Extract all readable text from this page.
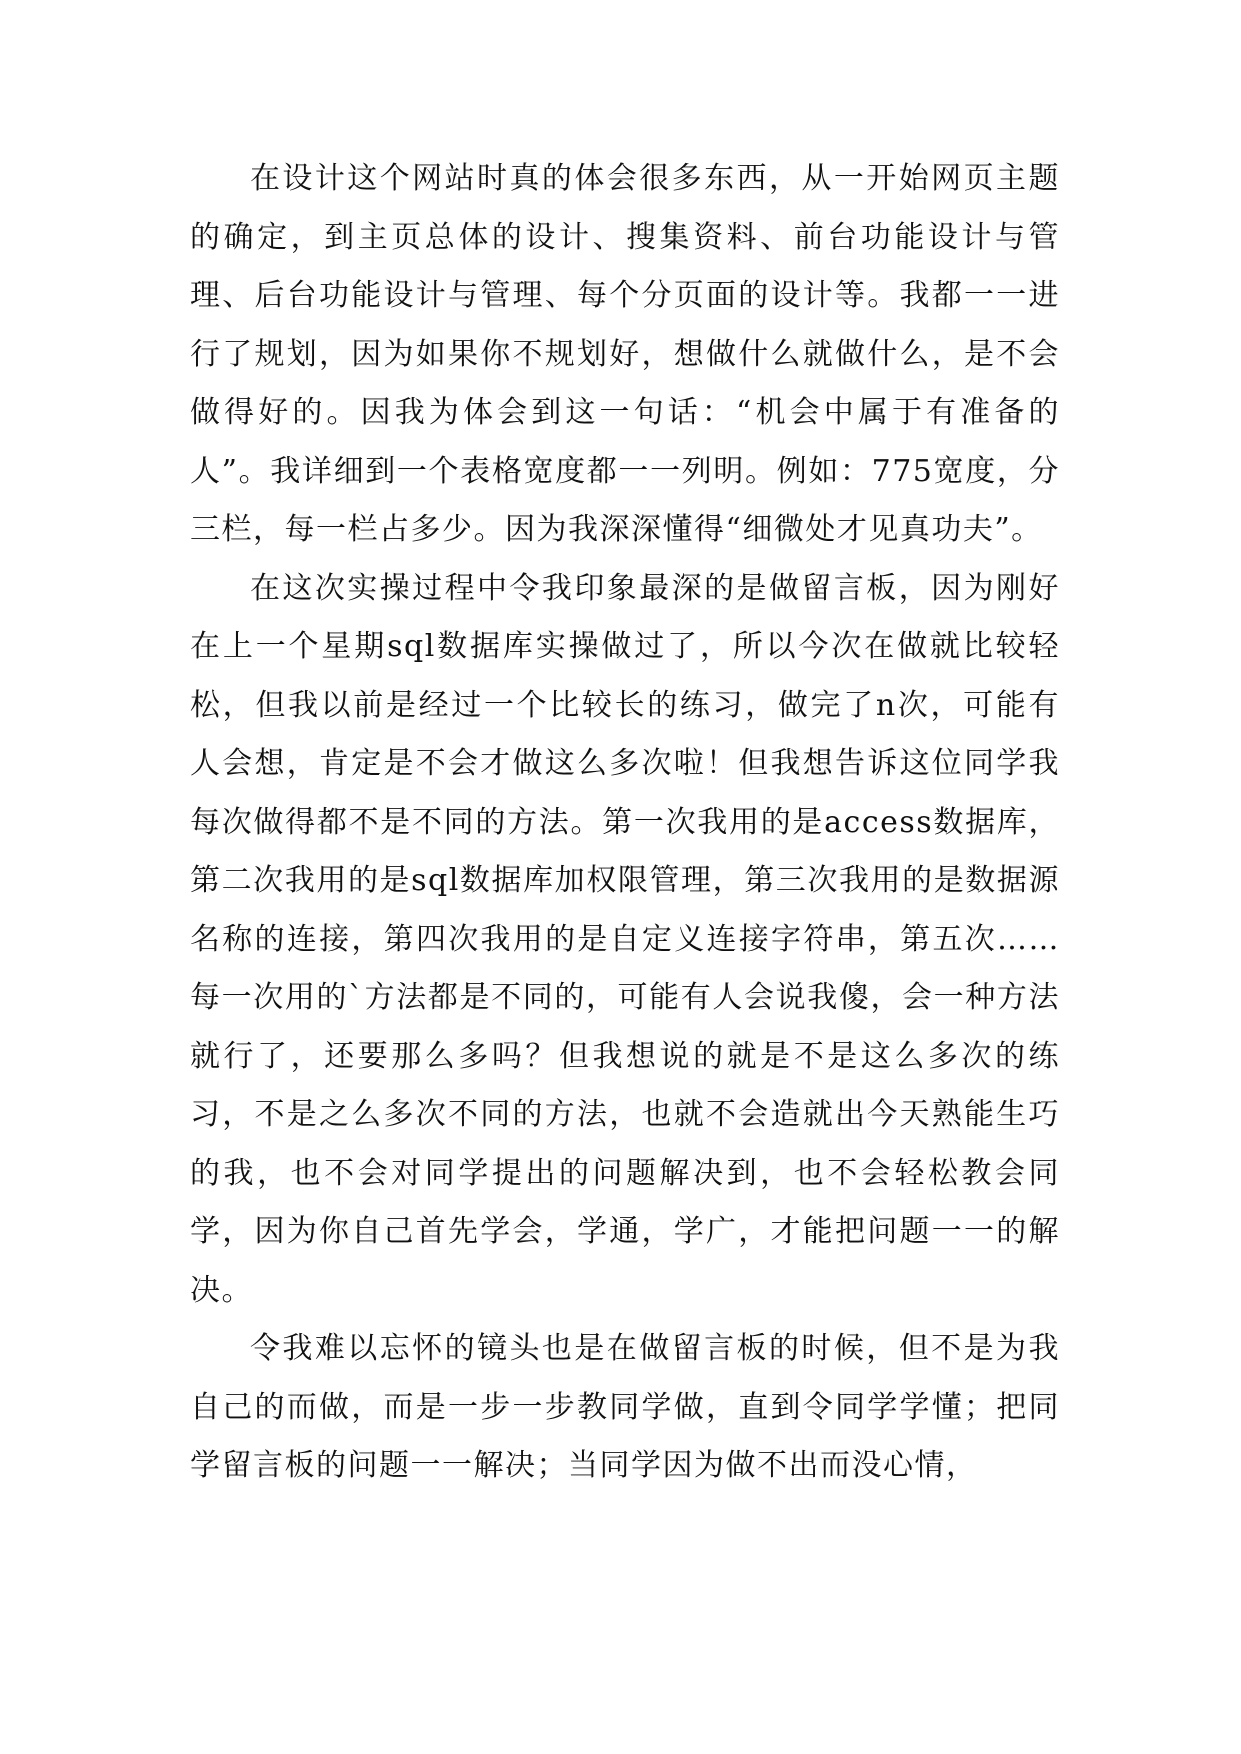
在设计这个网站时真的体会很多东西，从一开始网页主题的确定，到主页总体的设计、搜集资料、前台功能设计与管理、后台功能设计与管理、每个分页面的设计等。我都一一进行了规划，因为如果你不规划好，想做什么就做什么，是不会做得好的。因我为体会到这一句话：“机会中属于有准备的人”。我详细到一个表格宽度都一一列明。例如：775宽度，分三栏，每一栏占多少。因为我深深懂得“细微处才见真功夫”。

在这次实操过程中令我印象最深的是做留言板，因为刚好在上一个星期sql数据库实操做过了，所以今次在做就比较轻松，但我以前是经过一个比较长的练习，做完了n次，可能有人会想，肯定是不会才做这么多次啦！但我想告诉这位同学我每次做得都不是不同的方法。第一次我用的是access数据库，第二次我用的是sql数据库加权限管理，第三次我用的是数据源名称的连接，第四次我用的是自定义连接字符串，第五次……每一次用的`方法都是不同的，可能有人会说我傻，会一种方法就行了，还要那么多吗？但我想说的就是不是这么多次的练习，不是之么多次不同的方法，也就不会造就出今天熟能生巧的我，也不会对同学提出的问题解决到，也不会轻松教会同学，因为你自己首先学会，学通，学广，才能把问题一一的解决。

令我难以忘怀的镜头也是在做留言板的时候，但不是为我自己的而做，而是一步一步教同学做，直到令同学学懂；把同学留言板的问题一一解决；当同学因为做不出而没心情，
